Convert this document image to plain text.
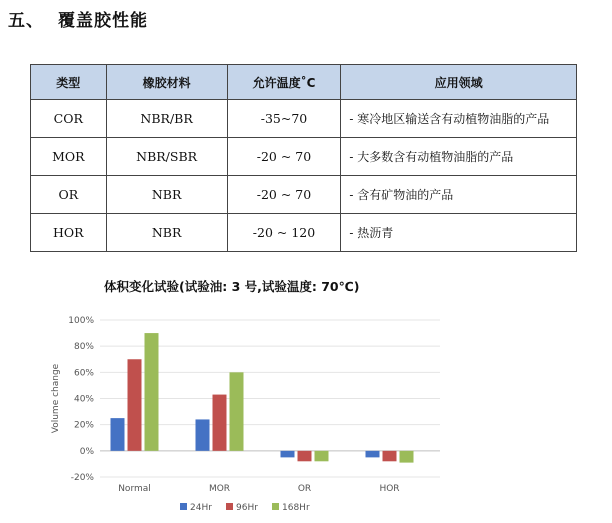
五、 覆盖胶性能
类型	橡胶材料	允许温度˚C	应用领域
COR	NBR/BR	-35~70	- 寒冷地区输送含有动植物油脂的产品
MOR	NBR/SBR	-20 ~ 70	- 大多数含有动植物油脂的产品
OR	NBR	-20 ~ 70	- 含有矿物油的产品
HOR	NBR	-20 ~ 120	- 热沥青
体积变化试验(试验油: 3 号,试验温度: 70℃)
100%
80%
60%
40%
20%
0%
-20%
Volume change
Normal	MOR	OR	HOR
24Hr	96Hr	168Hr
